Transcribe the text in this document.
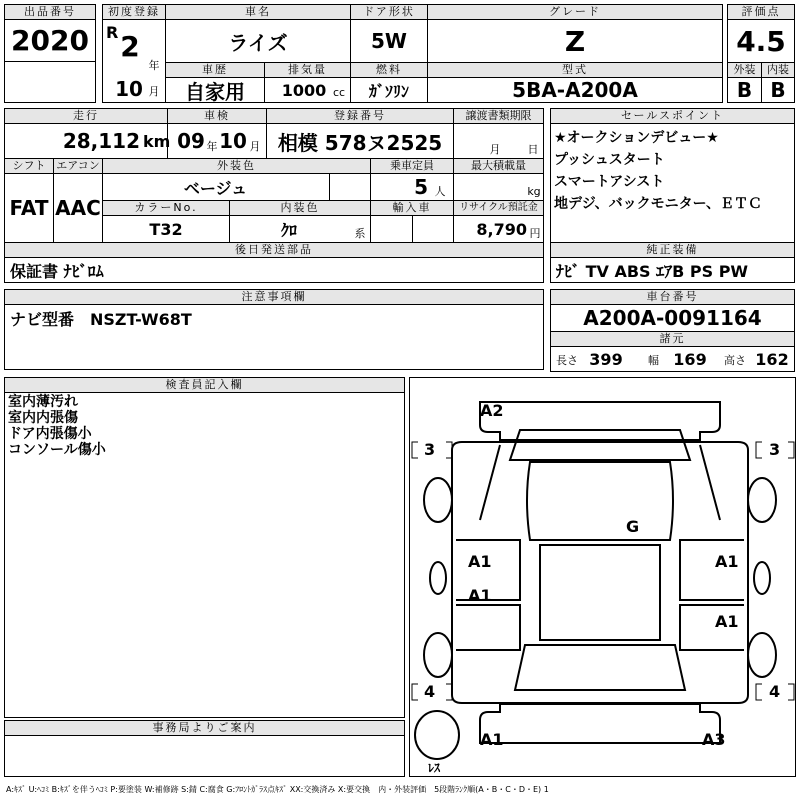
出品番号
2020
初度登録
R 2
年
10 月
車名
ライズ
ドア形状
5W
グレード
Z
評価点
4.5
車歴
自家用
排気量
1000 cc
燃料
ｶﾞｿﾘﾝ
型式
5BA-A200A
外装	内装
B B
走行
28,112 km
車検
09 年 10 月
登録番号
相模 578ヌ2525
譲渡書類期限
月 日
シフト エアコン
FAT AAC
外装色
ベージュ
乗車定員
5 人
最大積載量
kg
カラーNo.
T32
内装色
ｸﾛ	系
輸入車	リサイクル預託金
8,790 円
後日発送部品
保証書 ﾅﾋﾞﾛﾑ
セールスポイント
★オークションデビュー★
プッシュスタート
スマートアシスト
地デジ、バックモニター、ＥＴＣ
純正装備
ﾅﾋﾞ TV ABS ｴｱB PS PW
注意事項欄
ナビ型番　NSZT-W68T
車台番号
A200A-0091164
諸元
長さ 399	幅 169	高さ 162
検査員記入欄
室内薄汚れ
室内内張傷
ドア内張傷小
コンソール傷小
事務局よりご案内
A2
G
A1
A1
A1
A1
A1	A3
3	3
4	4
ﾚｽ
A:ｷｽﾞ U:ﾍｺﾐ B:ｷｽﾞを伴うﾍｺﾐ P:要塗装 W:補修跡 S:錆 C:腐食 G:ﾌﾛﾝﾄｶﾞﾗｽ点ｷｽﾞ XX:交換済み X:要交換　内・外装評価　5段階ﾗﾝｸ順(A・B・C・D・E) 1
